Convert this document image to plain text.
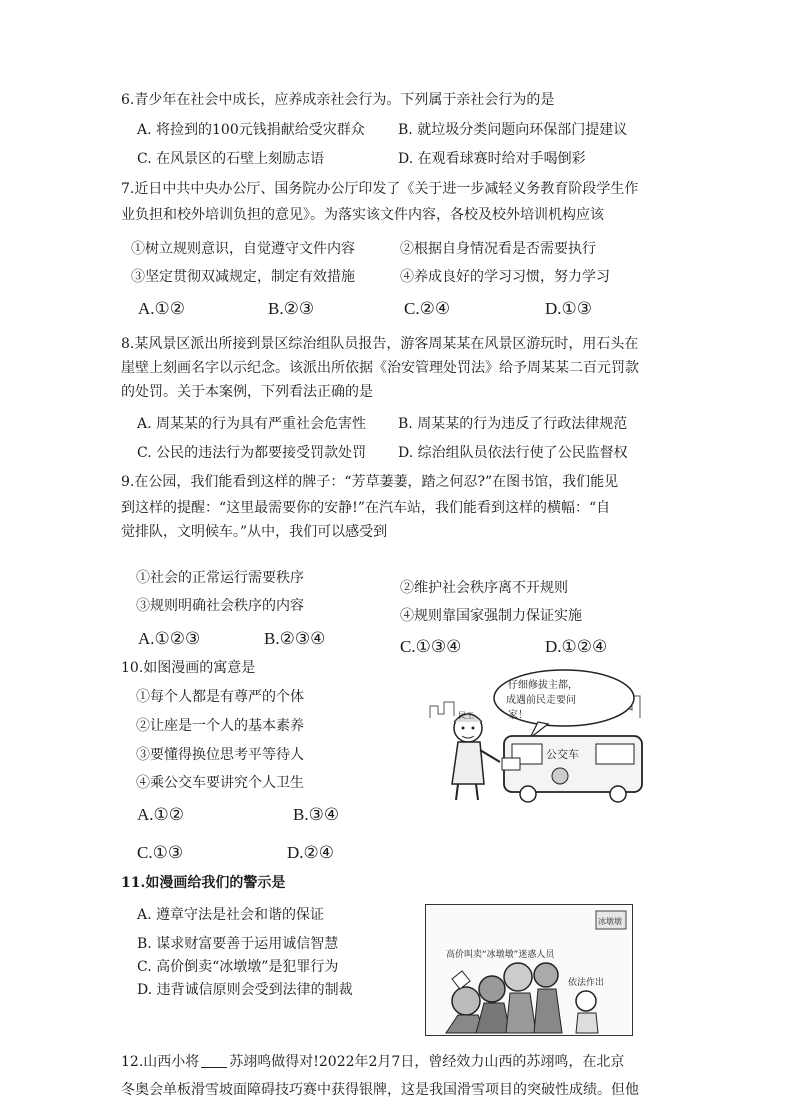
6.青少年在社会中成长，应养成亲社会行为。下列属于亲社会行为的是
A. 将捡到的100元钱捐献给受灾群众 B. 就垃圾分类问题向环保部门提建议
C. 在风景区的石壁上刻励志语	D. 在观看球赛时给对手喝倒彩
7.近日中共中央办公厅、国务院办公厅印发了《关于进一步减轻义务教育阶段学生作
业负担和校外培训负担的意见》。为落实该文件内容，各校及校外培训机构应该
①树立规则意识，自觉遵守文件内容	②根据自身情况看是否需要执行
③坚定贯彻双减规定，制定有效措施	④养成良好的学习习惯，努力学习
A.①②	B.②③	C.②④	D.①③
8.某风景区派出所接到景区综治组队员报告，游客周某某在风景区游玩时，用石头在
崖壁上刻画名字以示纪念。该派出所依据《治安管理处罚法》给予周某某二百元罚款
的处罚。关于本案例，下列看法正确的是
A. 周某某的行为具有严重社会危害性 B. 周某某的行为违反了行政法律规范
C. 公民的违法行为都要接受罚款处罚 D. 综治组队员依法行使了公民监督权
9.在公园，我们能看到这样的牌子：“芳草萋萋，踏之何忍?”在图书馆，我们能见
到这样的提醒：“这里最需要你的安静!”在汽车站，我们能看到这样的横幅：“自
觉排队，文明候车。”从中，我们可以感受到
①社会的正常运行需要秩序
②维护社会秩序离不开规则
③规则明确社会秩序的内容
④规则靠国家强制力保证实施
A.①②③	B.②③④	C.①③④	D.①②④
10.如图漫画的寓意是
①每个人都是有尊严的个体
②让座是一个人的基本素养
③要懂得换位思考平等待人
④乘公交车要讲究个人卫生
A.①②	B.③④
C.①③	D.②④
仔细修拔主都，
成遇前民走要问
家！
民工
公交车
11.如漫画给我们的警示是
A. 遵章守法是社会和谐的保证
B. 谋求财富要善于运用诚信智慧
C. 高价倒卖“冰墩墩”是犯罪行为
D. 违背诚信原则会受到法律的制裁
冰墩墩
高价叫卖“冰墩墩”迷惑人员
依法作出
12.山西小将 苏翊鸣做得对!2022年2月7日，曾经效力山西的苏翊鸣，在北京
冬奥会单板滑雪坡面障碍技巧赛中获得银牌，这是我国滑雪项目的突破性成绩。但他
